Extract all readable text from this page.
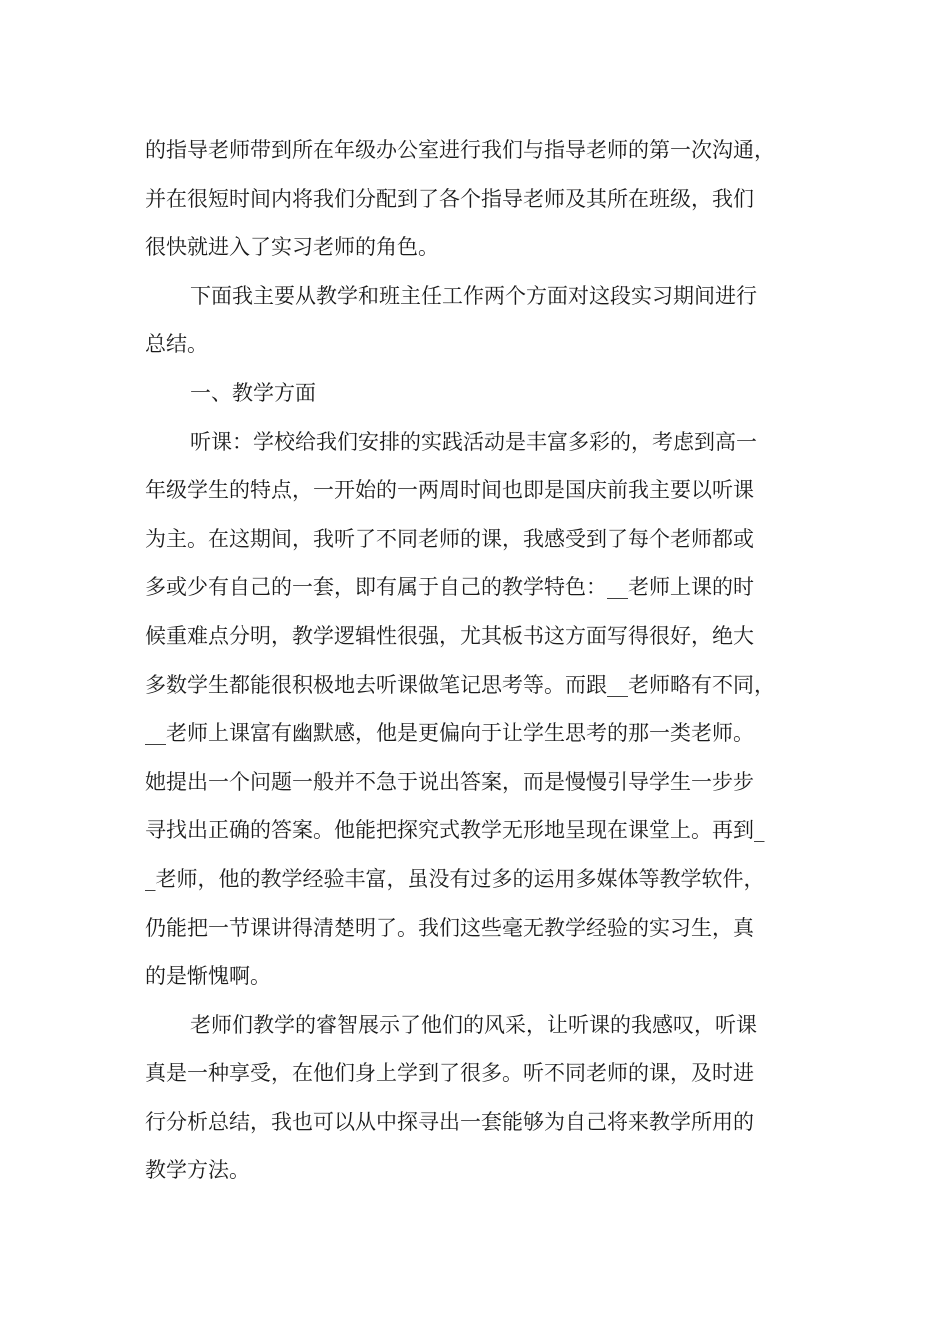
的指导老师带到所在年级办公室进行我们与指导老师的第一次沟通，
并在很短时间内将我们分配到了各个指导老师及其所在班级，我们
很快就进入了实习老师的角色。
下面我主要从教学和班主任工作两个方面对这段实习期间进行
总结。
一、教学方面
听课：学校给我们安排的实践活动是丰富多彩的，考虑到高一
年级学生的特点，一开始的一两周时间也即是国庆前我主要以听课
为主。在这期间，我听了不同老师的课，我感受到了每个老师都或
多或少有自己的一套，即有属于自己的教学特色：__老师上课的时
候重难点分明，教学逻辑性很强，尤其板书这方面写得很好，绝大
多数学生都能很积极地去听课做笔记思考等。而跟__老师略有不同，
__老师上课富有幽默感，他是更偏向于让学生思考的那一类老师。
她提出一个问题一般并不急于说出答案，而是慢慢引导学生一步步
寻找出正确的答案。他能把探究式教学无形地呈现在课堂上。再到_
_老师，他的教学经验丰富，虽没有过多的运用多媒体等教学软件，
仍能把一节课讲得清楚明了。我们这些毫无教学经验的实习生，真
的是惭愧啊。
老师们教学的睿智展示了他们的风采，让听课的我感叹，听课
真是一种享受，在他们身上学到了很多。听不同老师的课，及时进
行分析总结，我也可以从中探寻出一套能够为自己将来教学所用的
教学方法。
